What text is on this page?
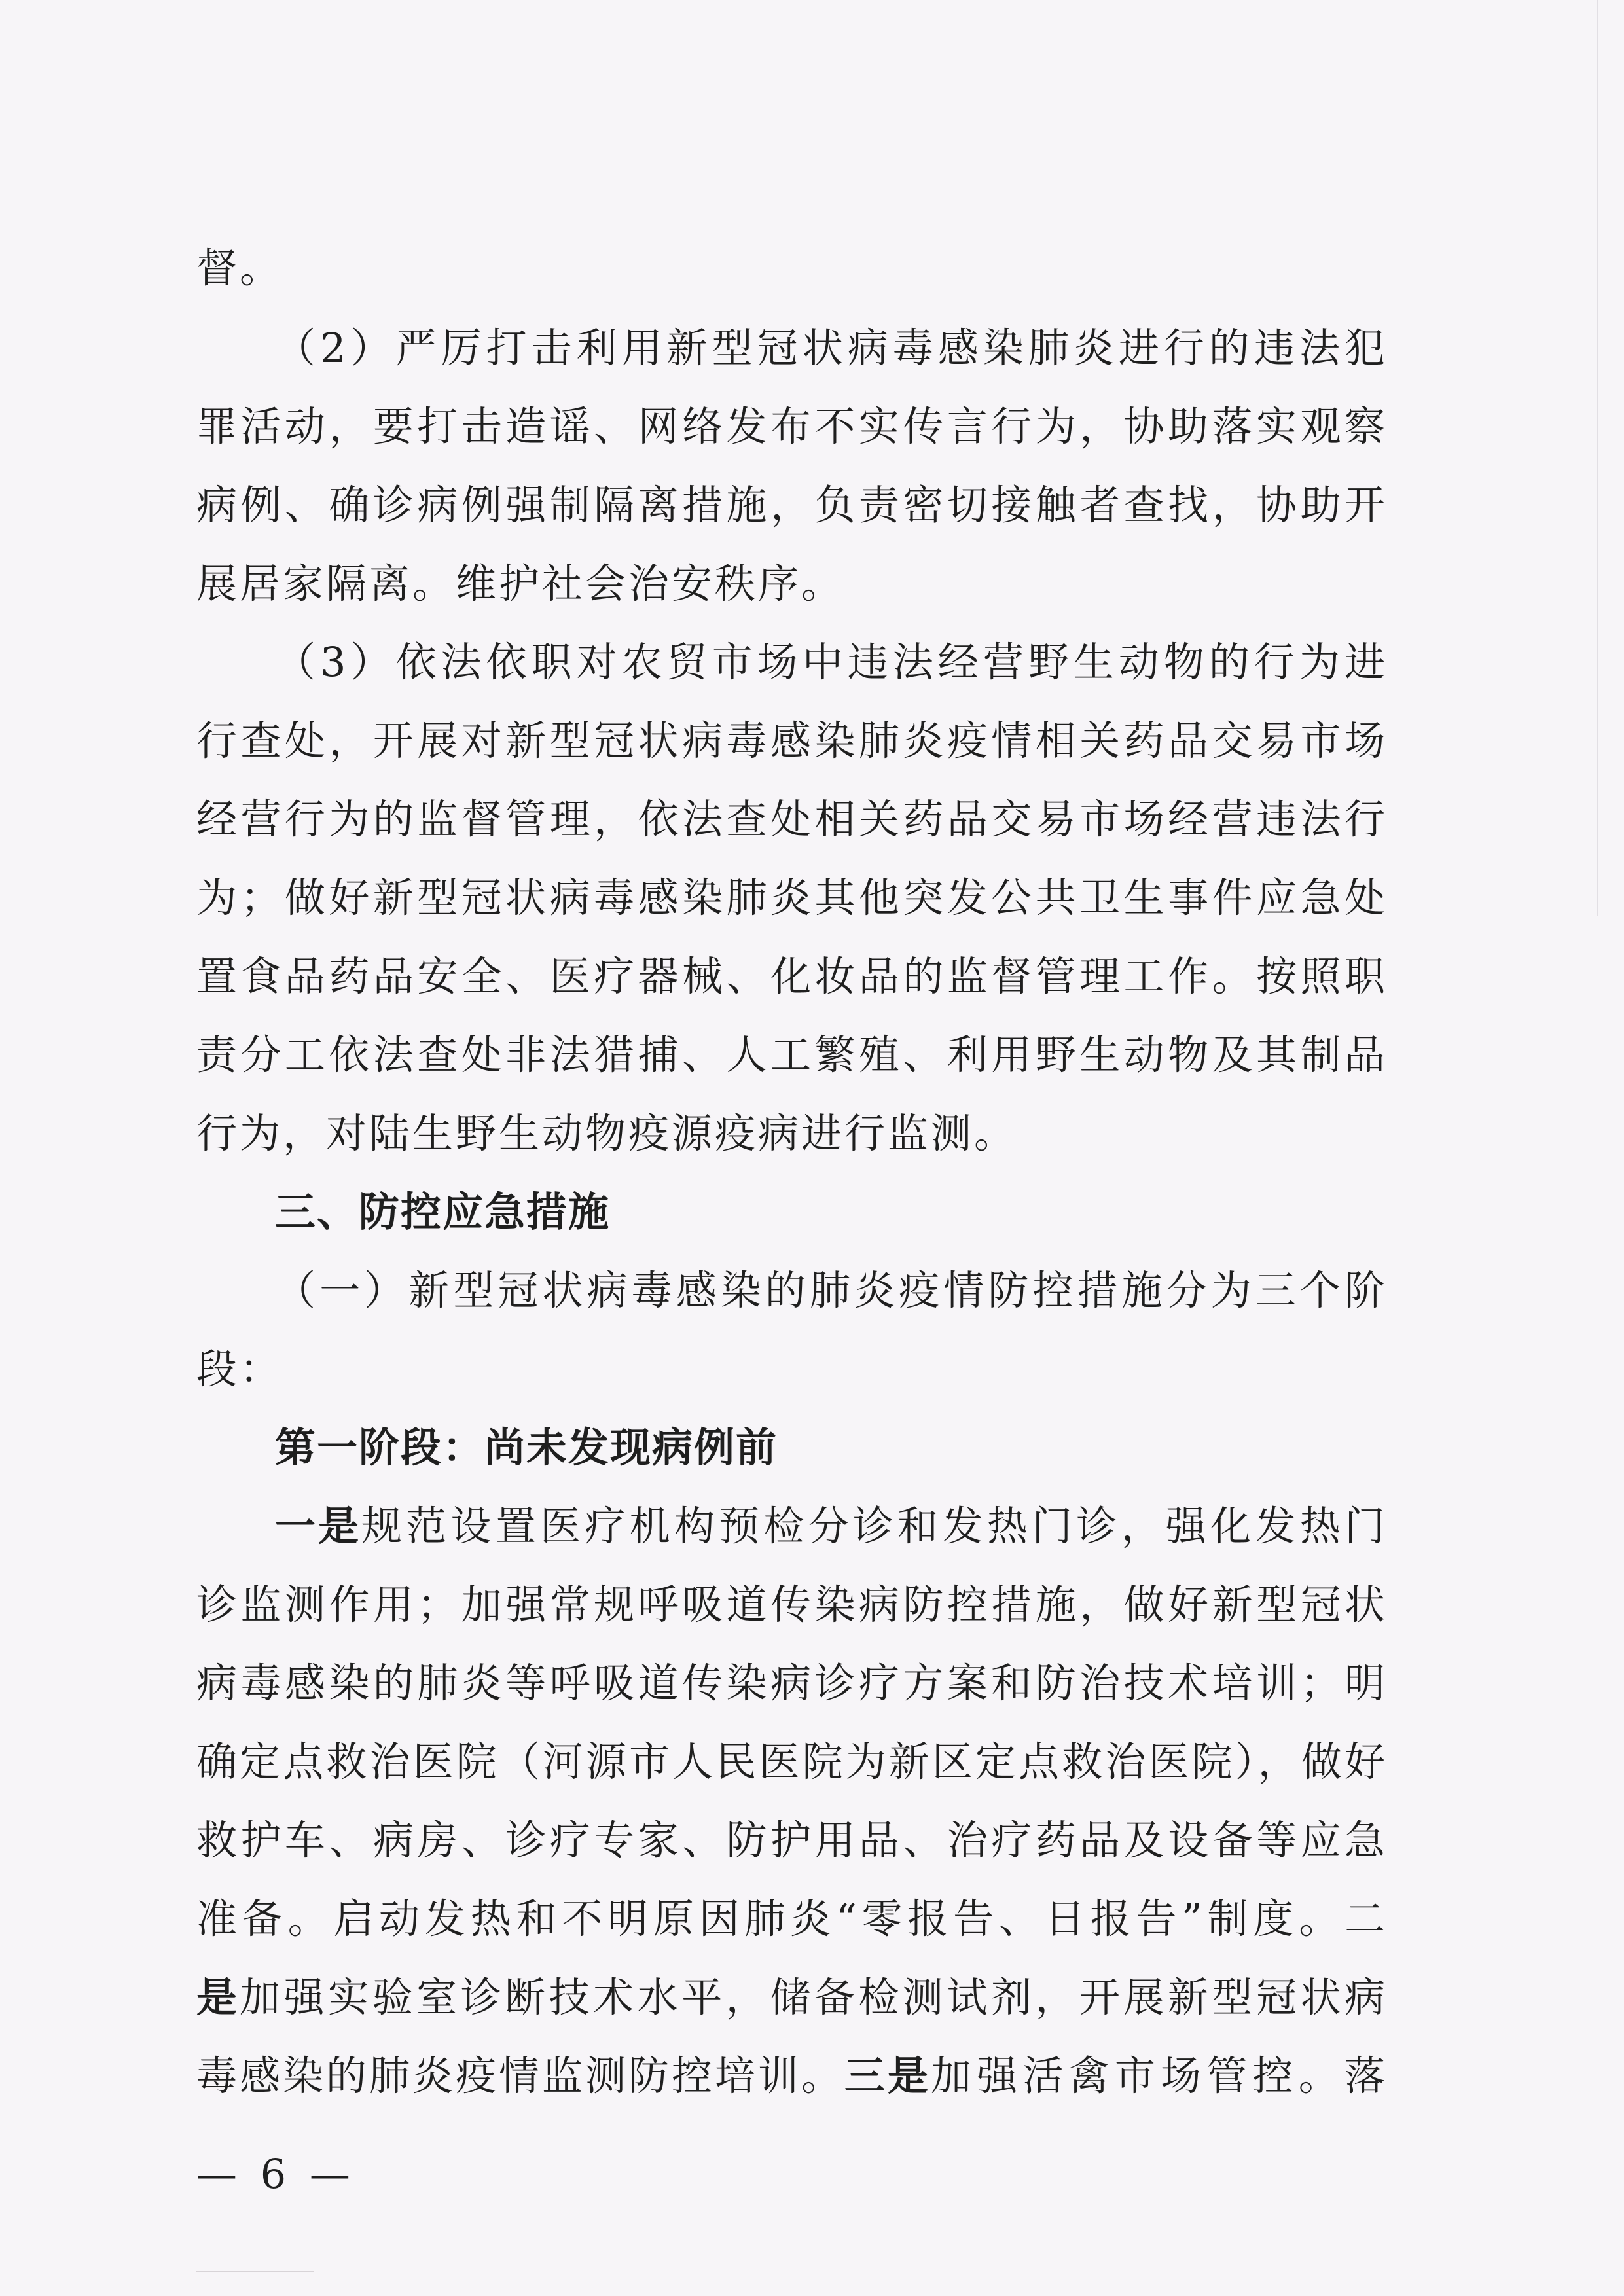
督。
（2）严厉打击利用新型冠状病毒感染肺炎进行的违法犯
罪活动，要打击造谣、网络发布不实传言行为，协助落实观察
病例、确诊病例强制隔离措施，负责密切接触者查找，协助开
展居家隔离。维护社会治安秩序。
（3）依法依职对农贸市场中违法经营野生动物的行为进
行查处，开展对新型冠状病毒感染肺炎疫情相关药品交易市场
经营行为的监督管理，依法查处相关药品交易市场经营违法行
为；做好新型冠状病毒感染肺炎其他突发公共卫生事件应急处
置食品药品安全、医疗器械、化妆品的监督管理工作。按照职
责分工依法查处非法猎捕、人工繁殖、利用野生动物及其制品
行为，对陆生野生动物疫源疫病进行监测。
三、防控应急措施
（一）新型冠状病毒感染的肺炎疫情防控措施分为三个阶
段：
第一阶段：尚未发现病例前
一是 规范设置医疗机构预检分诊和发热门诊，强化发热门
诊监测作用；加强常规呼吸道传染病防控措施，做好新型冠状
病毒感染的肺炎等呼吸道传染病诊疗方案和防治技术培训；明
确定点救治医院（河源市人民医院为新区定点救治医院），做好
救护车、病房、诊疗专家、防护用品、治疗药品及设备等应急
准备。启动发热和不明原因肺炎“零报告、日报告”制度。二
是 加强实验室诊断技术水平，储备检测试剂，开展新型冠状病
毒感染的肺炎疫情监测防控培训。 三是 加强活禽市场管控。落
— 6 —
